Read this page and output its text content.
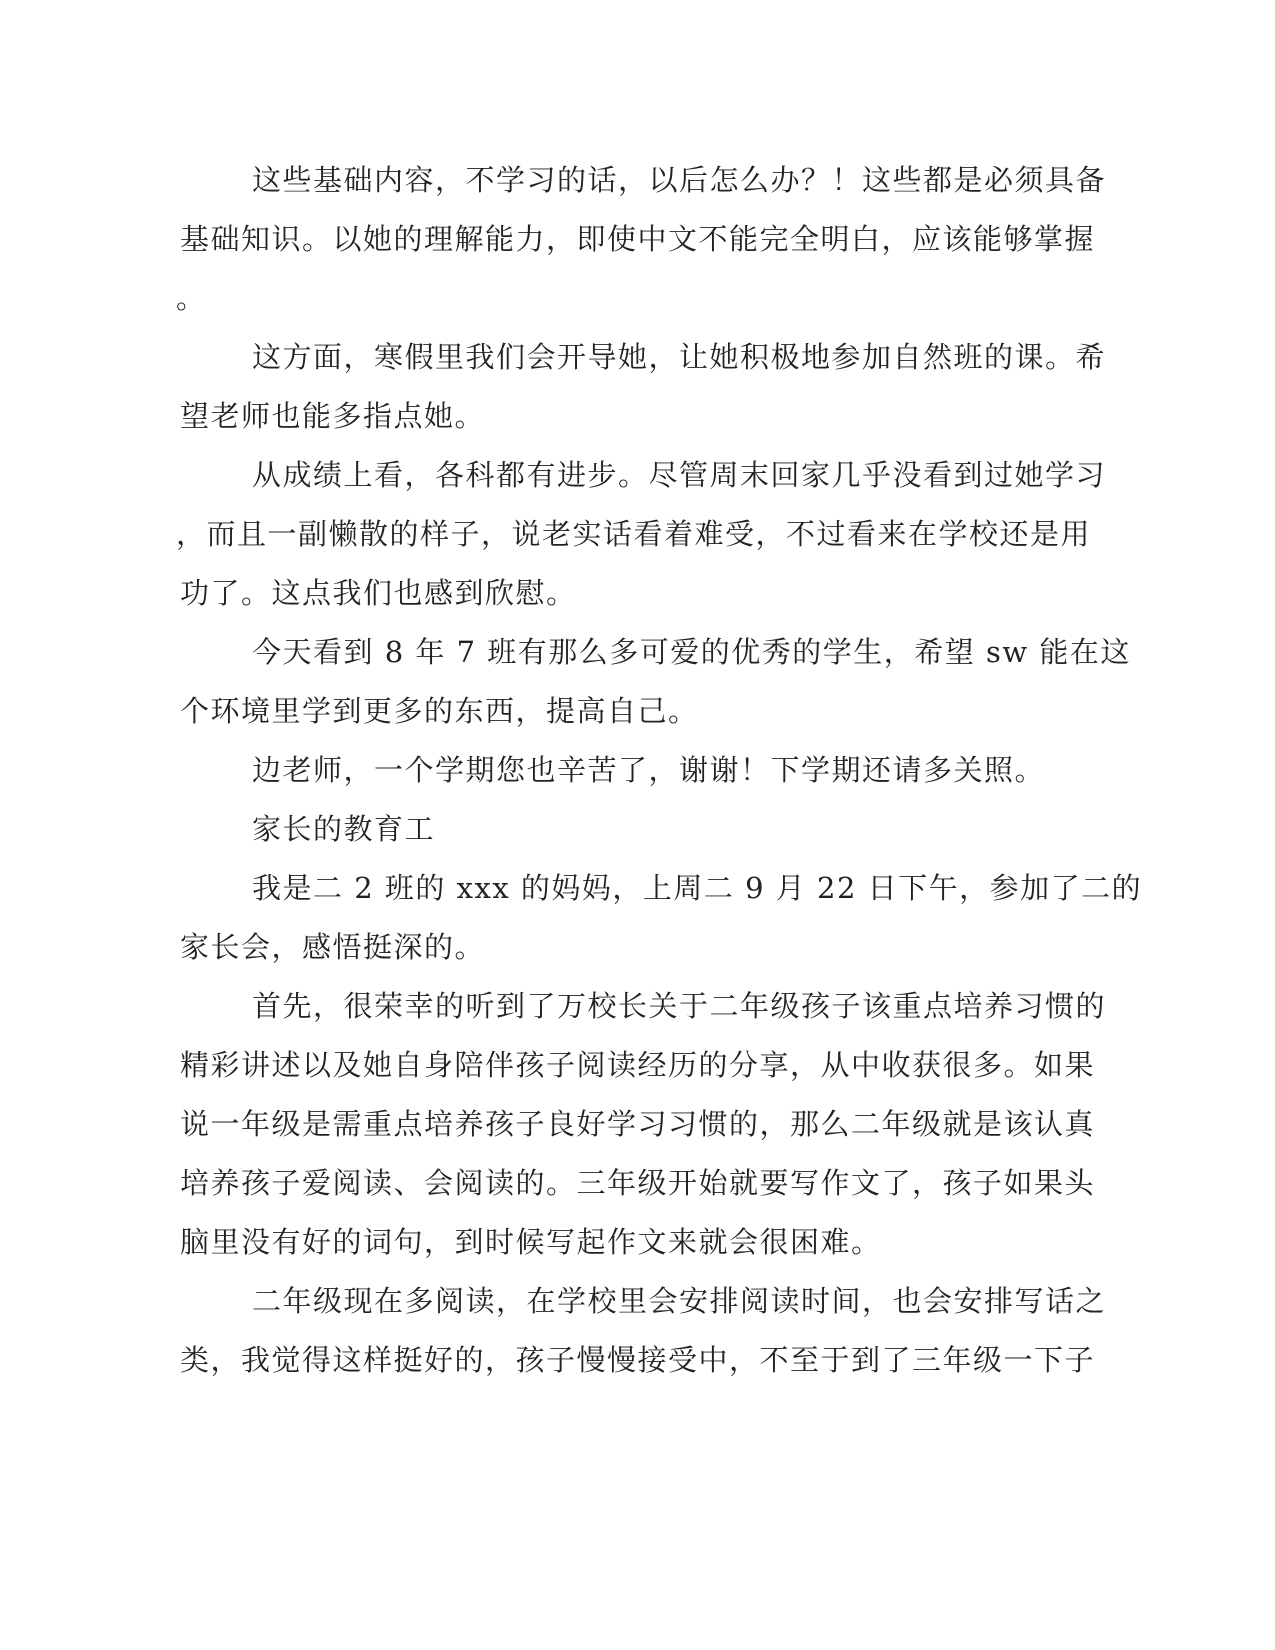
这些基础内容，不学习的话，以后怎么办？！这些都是必须具备
基础知识。以她的理解能力，即使中文不能完全明白，应该能够掌握
。
这方面，寒假里我们会开导她，让她积极地参加自然班的课。希
望老师也能多指点她。
从成绩上看，各科都有进步。尽管周末回家几乎没看到过她学习
，而且一副懒散的样子，说老实话看着难受，不过看来在学校还是用
功了。这点我们也感到欣慰。
今天看到 8 年 7 班有那么多可爱的优秀的学生，希望 sw 能在这
个环境里学到更多的东西，提高自己。
边老师，一个学期您也辛苦了，谢谢！下学期还请多关照。
家长的教育工
我是二 2 班的 xxx 的妈妈，上周二 9 月 22 日下午，参加了二的
家长会，感悟挺深的。
首先，很荣幸的听到了万校长关于二年级孩子该重点培养习惯的
精彩讲述以及她自身陪伴孩子阅读经历的分享，从中收获很多。如果
说一年级是需重点培养孩子良好学习习惯的，那么二年级就是该认真
培养孩子爱阅读、会阅读的。三年级开始就要写作文了，孩子如果头
脑里没有好的词句，到时候写起作文来就会很困难。
二年级现在多阅读，在学校里会安排阅读时间，也会安排写话之
类，我觉得这样挺好的，孩子慢慢接受中，不至于到了三年级一下子
